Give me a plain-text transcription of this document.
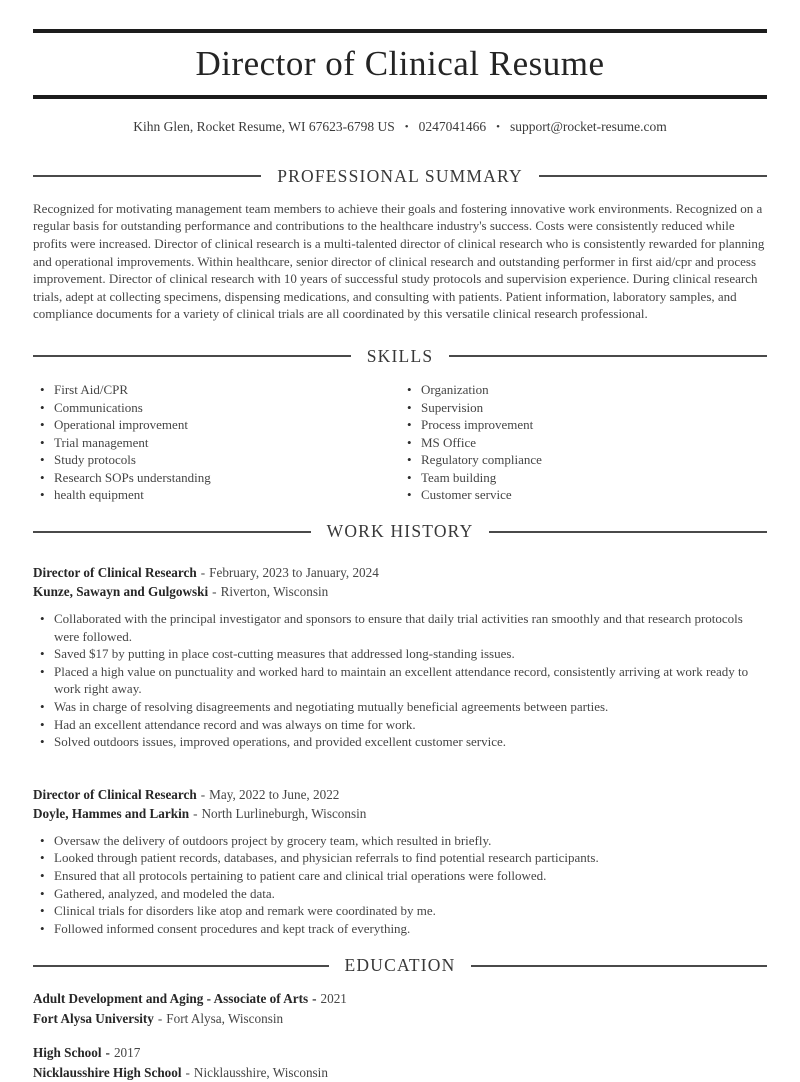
Director of Clinical Resume
Kihn Glen, Rocket Resume, WI 67623-6798 US • 0247041466 • support@rocket-resume.com
PROFESSIONAL SUMMARY

Recognized for motivating management team members to achieve their goals and fostering innovative work environments. Recognized on a regular basis for outstanding performance and contributions to the healthcare industry's success. Costs were consistently reduced while profits were increased. Director of clinical research is a multi-talented director of clinical research who is consistently rewarded for planning and operational improvements. Within healthcare, senior director of clinical research and outstanding performer in first aid/cpr and process improvement. Director of clinical research with 10 years of successful study protocols and supervision experience. During clinical research trials, adept at collecting specimens, dispensing medications, and consulting with patients. Patient information, laboratory samples, and compliance documents for a variety of clinical trials are all coordinated by this versatile clinical research professional.

SKILLS
• First Aid/CPR
• Communications
• Operational improvement
• Trial management
• Study protocols
• Research SOPs understanding
• health equipment
• Organization
• Supervision
• Process improvement
• MS Office
• Regulatory compliance
• Team building
• Customer service
WORK HISTORY
Director of Clinical Research - February, 2023 to January, 2024
Kunze, Sawayn and Gulgowski - Riverton, Wisconsin
• Collaborated with the principal investigator and sponsors to ensure that daily trial activities ran smoothly and that research protocols were followed.
• Saved $17 by putting in place cost-cutting measures that addressed long-standing issues.
• Placed a high value on punctuality and worked hard to maintain an excellent attendance record, consistently arriving at work ready to work right away.
• Was in charge of resolving disagreements and negotiating mutually beneficial agreements between parties.
• Had an excellent attendance record and was always on time for work.
• Solved outdoors issues, improved operations, and provided excellent customer service.
Director of Clinical Research - May, 2022 to June, 2022
Doyle, Hammes and Larkin - North Lurlineburgh, Wisconsin
• Oversaw the delivery of outdoors project by grocery team, which resulted in briefly.
• Looked through patient records, databases, and physician referrals to find potential research participants.
• Ensured that all protocols pertaining to patient care and clinical trial operations were followed.
• Gathered, analyzed, and modeled the data.
• Clinical trials for disorders like atop and remark were coordinated by me.
• Followed informed consent procedures and kept track of everything.
EDUCATION
Adult Development and Aging - Associate of Arts - 2021
Fort Alysa University - Fort Alysa, Wisconsin
High School - 2017
Nicklausshire High School - Nicklausshire, Wisconsin
